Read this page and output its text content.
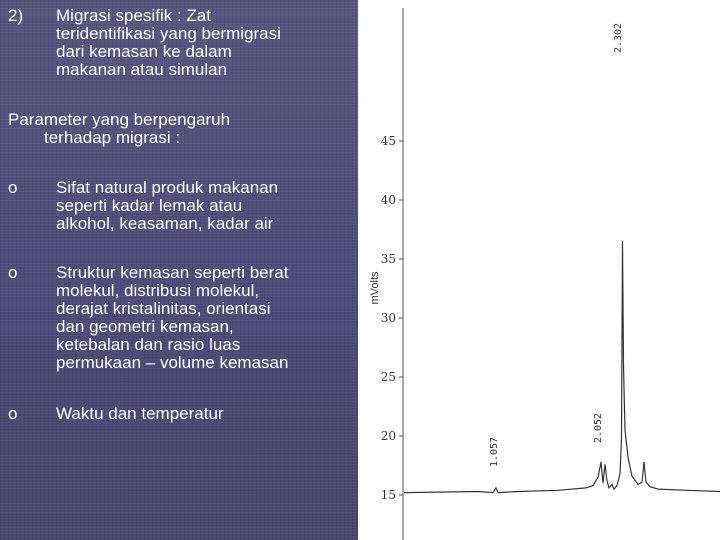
2) Migrasi spesifik : Zat
teridentifikasi yang bermigrasi
dari kemasan ke dalam
makanan atau simulan
Parameter yang berpengaruh
terhadap migrasi :
o Sifat natural produk makanan
seperti kadar lemak atau
alkohol, keasaman, kadar air
o Struktur kemasan seperti berat
molekul, distribusi molekul,
derajat kristalinitas, orientasi
dan geometri kemasan,
ketebalan dan rasio luas
permukaan – volume kemasan
o Waktu dan temperatur
15
20
25
30
35
40
45
mVolts
1.057
2.052
2.302
